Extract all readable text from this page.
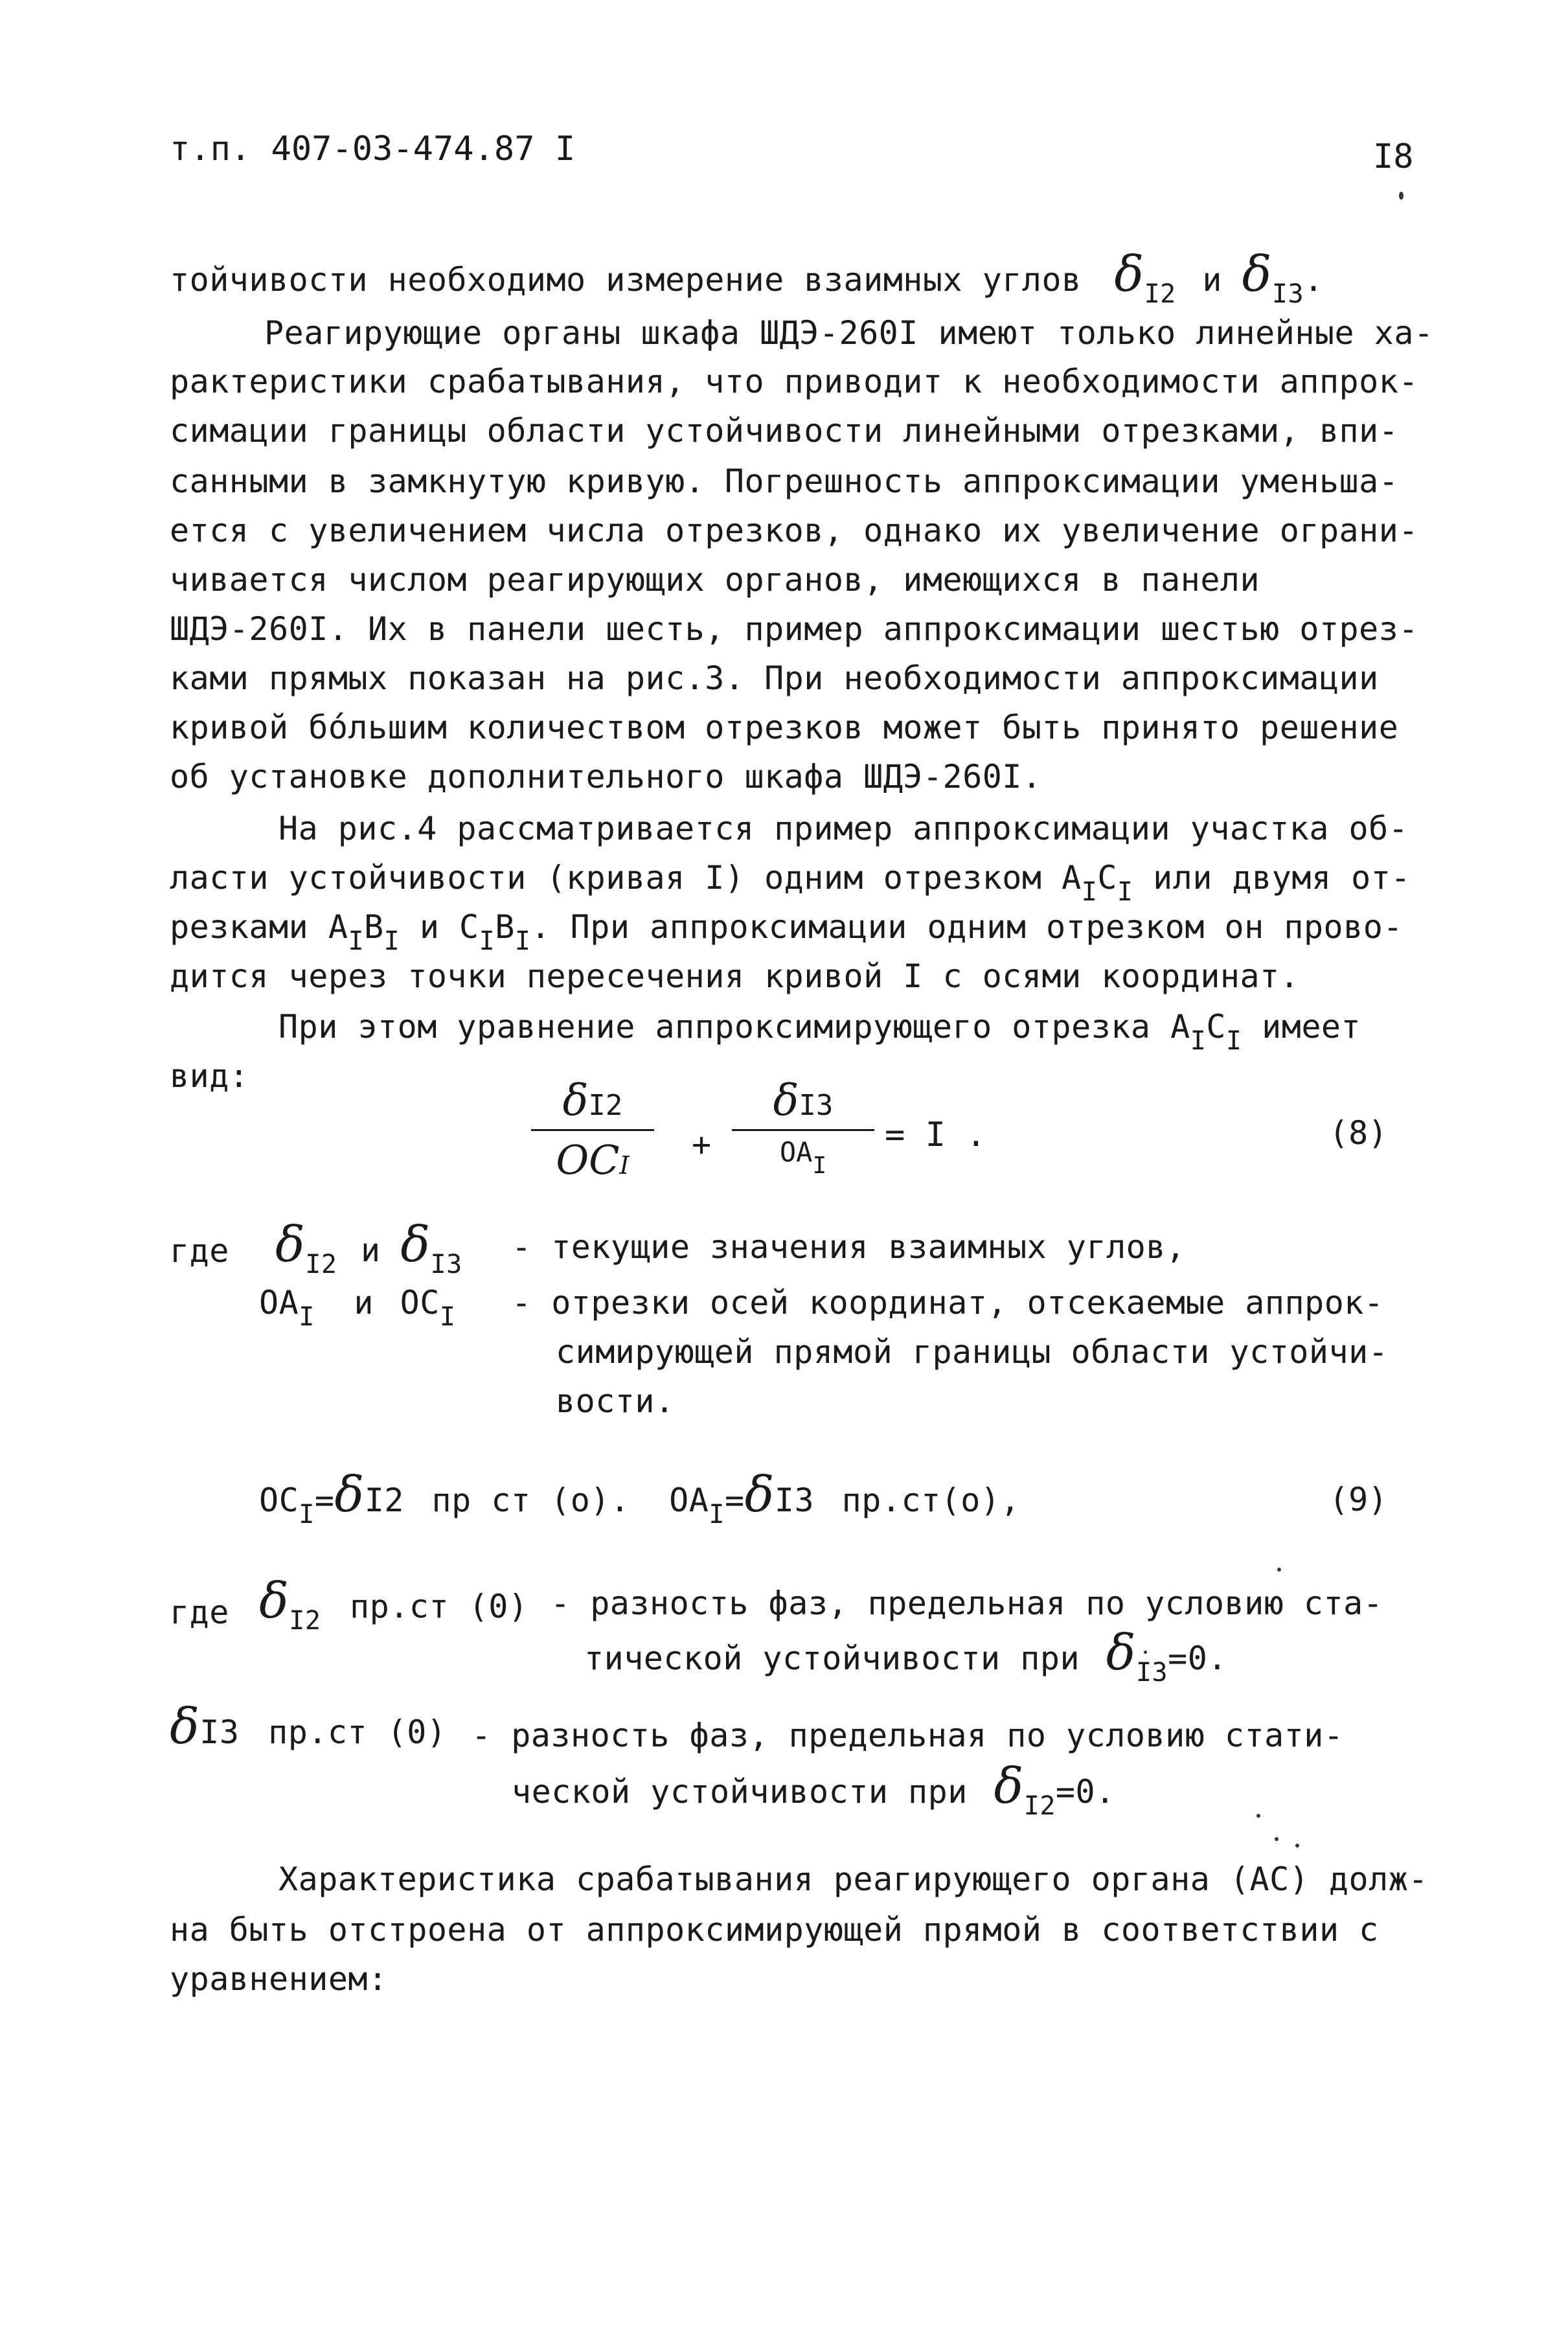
т.п. 407-03-474.87 I	I8
тойчивости необходимо измерение взаимных углов $\delta_{I2}$ и $\delta_{I3}$.
Реагирующие органы шкафа ШДЭ-260I имеют только линейные ха-
рактеристики срабатывания, что приводит к необходимости аппрок-
симации границы области устойчивости линейными отрезками, впи-
санными в замкнутую кривую. Погрешность аппроксимации уменьша-
ется с увеличением числа отрезков, однако их увеличение ограни-
чивается числом реагирующих органов, имеющихся в панели
ШДЭ-260I. Их в панели шесть, пример аппроксимации шестью отрез-
ками прямых показан на рис.3. При необходимости аппроксимации
кривой бо́льшим количеством отрезков может быть принято решение
об установке дополнительного шкафа ШДЭ-260I.
На рис.4 рассматривается пример аппроксимации участка об-
ласти устойчивости (кривая I) одним отрезком $А_IС_I$ или двумя от-
резками $А_IВ_I$ и $С_IВ_I$. При аппроксимации одним отрезком он прово-
дится через точки пересечения кривой I с осями координат.
При этом уравнение аппроксимирующего отрезка $А_IС_I$ имеет
вид:	δI2
OCI
+
δI3
OAI
= I .	(8)
где $\delta_{I2}$ и $\delta_{I3}$ - текущие значения взаимных углов,
$OA_I$ и $OC_I$ - отрезки осей координат, отсекаемые аппрок-
симирующей прямой границы области устойчи-
вости.
$OC_I=\delta I2$ пр ст (о). $OA_I=\delta I3$ пр.ст(о),	(9)
где $\delta_{I2}$ пр.ст (0) - разность фаз, предельная по условию ста-
тической устойчивости при $\delta_{I3}=0$.
δI3 пр.ст (0) - разность фаз, предельная по условию стати-
ческой устойчивости при $\delta_{I2}=0$.
Характеристика срабатывания реагирующего органа (АС) долж-
на быть отстроена от аппроксимирующей прямой в соответствии с
уравнением:
